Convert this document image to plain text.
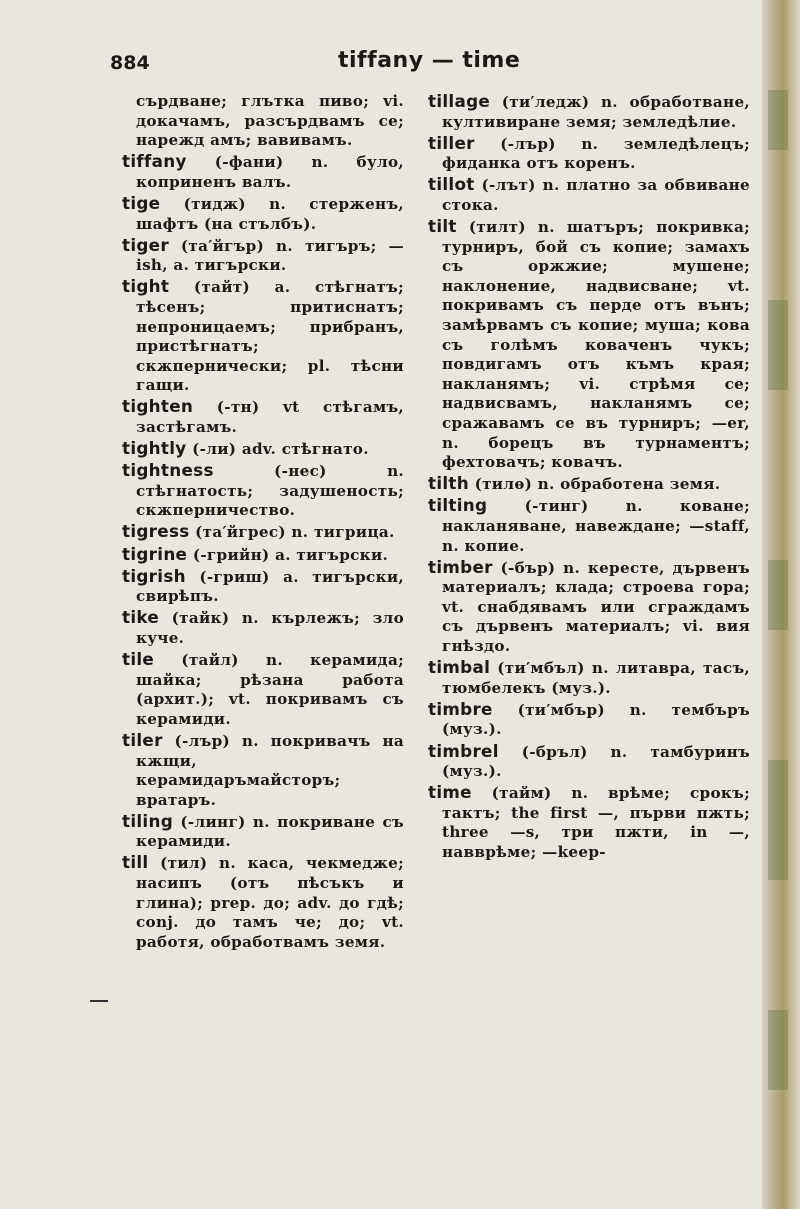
884	tiffany — time

сърдване; глътка пиво; vi. докачамъ, разсърдвамъ се; нарежд амъ; вавивамъ.

tiffany (-фани) n. було, коприненъ валъ.

tige (тидж) n. стерженъ, шафтъ (на стълбъ).

tiger (та′йгър) n. тигъръ; —ish, a. тигърски.

tight (тайт) a. стѣгнатъ; тѣсенъ; притиснатъ; непроницаемъ; прибранъ, пристѣгнатъ; скжпернически; pl. тѣсни гащи.

tighten (-тн) vt стѣгамъ, застѣгамъ.

tightly (-ли) adv. стѣгнато.

tightness (-нес) n. стѣгнатость; задушеность; скжперничество.

tigress (та′йгрес) n. тигрица.

tigrine (-грийн) a. тигърски.

tigrish (-гриш) a. тигърски, свирѣпъ.

tike (тайк) n. кърлежъ; зло куче.

tile (тайл) n. керамида; шайка; рѣзана работа (архит.); vt. покривамъ съ керамиди.

tiler (-лър) n. покривачъ на кжщи, керамидаръмайсторъ; вратаръ.

tiling (-линг) n. покриване съ керамиди.

till (тил) n. каса, чекмедже; насипъ (отъ пѣсъкъ и глина); prep. до; adv. до гдѣ; conj. до тамъ че; до; vt. работя, обработвамъ земя.

tillage (ти′ледж) n. обработване, култивиране земя; земледѣлие.

tiller (-лър) n. земледѣлецъ; фиданка отъ коренъ.

tillot (-лът) n. платно за обвиване стока.

tilt (тилт) n. шатъръ; покривка; турниръ, бой съ копие; замахъ съ оржжие; мушене; наклонение, надвисване; vt. покривамъ съ перде отъ вънъ; замѣрвамъ съ копие; муша; кова съ голѣмъ коваченъ чукъ; повдигамъ отъ къмъ края; накланямъ; vi. стрѣмя се; надвисвамъ, накланямъ се; сражавамъ се въ турниръ; —er, n. борецъ въ турнаментъ; фехтовачъ; ковачъ.

tilth (тилѳ) n. обработена земя.

tilting (-тинг) n. коване; накланяване, навеждане; —staff, n. копие.

timber (-бър) n. кересте, дървенъ материалъ; клада; строева гора; vt. снабдявамъ или сграждамъ съ дървенъ материалъ; vi. вия гнѣздо.

timbal (ти′мбъл) n. литавра, тасъ, тюмбелекъ (муз.).

timbre (ти′мбър) n. тембъръ (муз.).

timbrel (-бръл) n. тамбуринъ (муз.).

time (тайм) n. врѣме; срокъ; тактъ; the first —, първи пжть; three —s, три пжти, in —, навврѣме; —keep-
